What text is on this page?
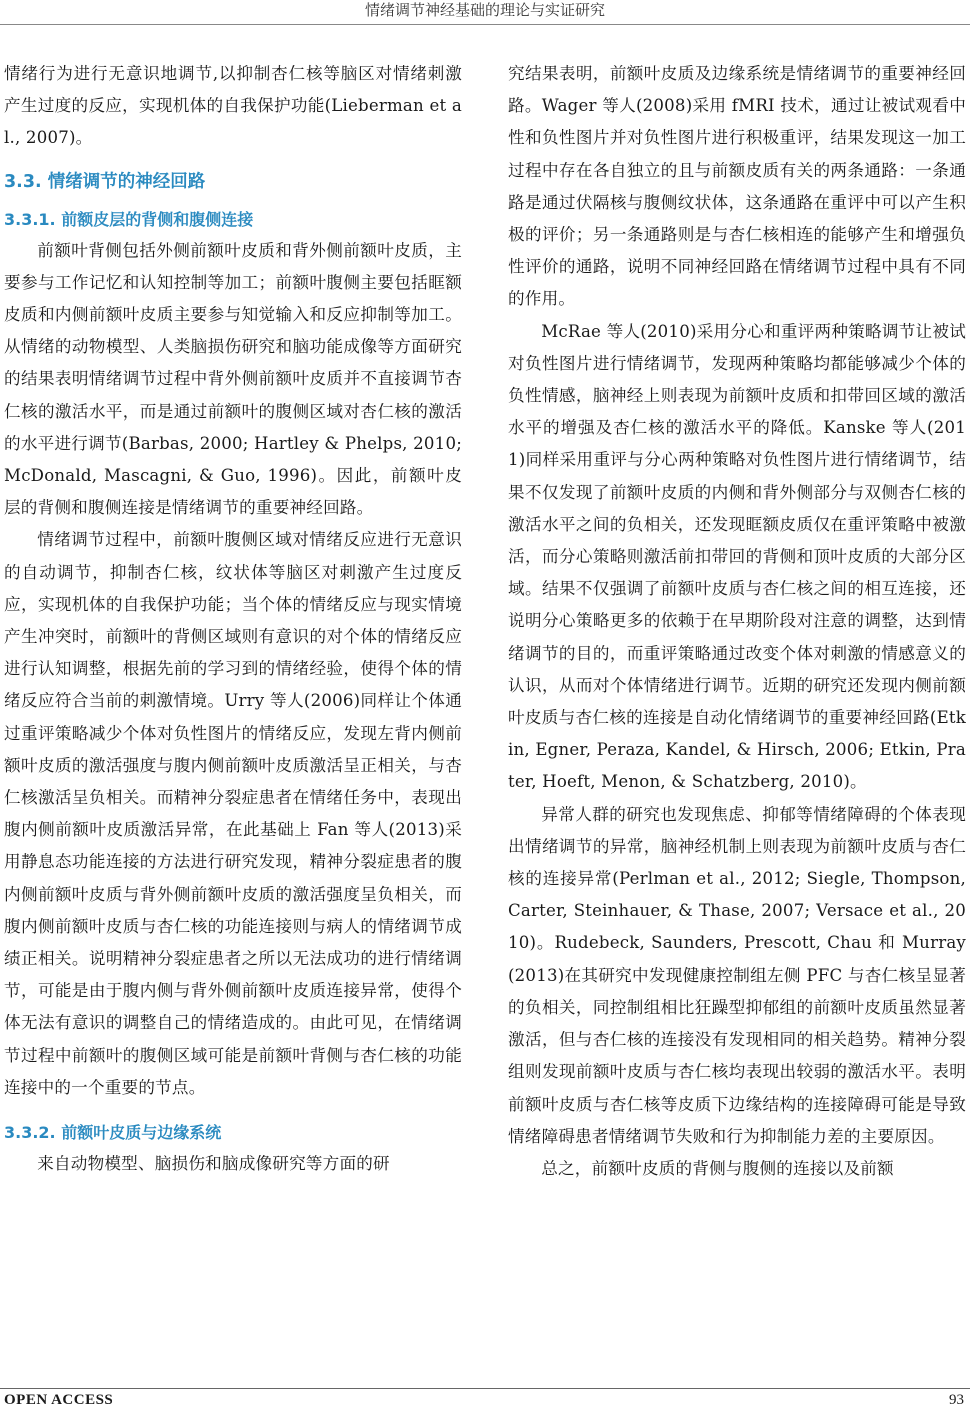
情绪调节神经基础的理论与实证研究

情绪行为进行无意识地调节,以抑制杏仁核等脑区对情绪刺激产生过度的反应，实现机体的自我保护功能(Lieberman et al., 2007)。

3.3. 情绪调节的神经回路

3.3.1. 前额皮层的背侧和腹侧连接

前额叶背侧包括外侧前额叶皮质和背外侧前额叶皮质，主要参与工作记忆和认知控制等加工；前额叶腹侧主要包括眶额皮质和内侧前额叶皮质主要参与知觉输入和反应抑制等加工。从情绪的动物模型、人类脑损伤研究和脑功能成像等方面研究的结果表明情绪调节过程中背外侧前额叶皮质并不直接调节杏仁核的激活水平，而是通过前额叶的腹侧区域对杏仁核的激活的水平进行调节(Barbas, 2000; Hartley & Phelps, 2010; McDonald, Mascagni, & Guo, 1996)。因此，前额叶皮层的背侧和腹侧连接是情绪调节的重要神经回路。

情绪调节过程中，前额叶腹侧区域对情绪反应进行无意识的自动调节，抑制杏仁核，纹状体等脑区对刺激产生过度反应，实现机体的自我保护功能；当个体的情绪反应与现实情境产生冲突时，前额叶的背侧区域则有意识的对个体的情绪反应进行认知调整，根据先前的学习到的情绪经验，使得个体的情绪反应符合当前的刺激情境。Urry 等人(2006)同样让个体通过重评策略减少个体对负性图片的情绪反应，发现左背内侧前额叶皮质的激活强度与腹内侧前额叶皮质激活呈正相关，与杏仁核激活呈负相关。而精神分裂症患者在情绪任务中，表现出腹内侧前额叶皮质激活异常，在此基础上 Fan 等人(2013)采用静息态功能连接的方法进行研究发现，精神分裂症患者的腹内侧前额叶皮质与背外侧前额叶皮质的激活强度呈负相关，而腹内侧前额叶皮质与杏仁核的功能连接则与病人的情绪调节成绩正相关。说明精神分裂症患者之所以无法成功的进行情绪调节，可能是由于腹内侧与背外侧前额叶皮质连接异常，使得个体无法有意识的调整自己的情绪造成的。由此可见，在情绪调节过程中前额叶的腹侧区域可能是前额叶背侧与杏仁核的功能连接中的一个重要的节点。

3.3.2. 前额叶皮质与边缘系统

来自动物模型、脑损伤和脑成像研究等方面的研

究结果表明，前额叶皮质及边缘系统是情绪调节的重要神经回路。Wager 等人(2008)采用 fMRI 技术，通过让被试观看中性和负性图片并对负性图片进行积极重评，结果发现这一加工过程中存在各自独立的且与前额皮质有关的两条通路：一条通路是通过伏隔核与腹侧纹状体，这条通路在重评中可以产生积极的评价；另一条通路则是与杏仁核相连的能够产生和增强负性评价的通路，说明不同神经回路在情绪调节过程中具有不同的作用。

McRae 等人(2010)采用分心和重评两种策略调节让被试对负性图片进行情绪调节，发现两种策略均都能够减少个体的负性情感，脑神经上则表现为前额叶皮质和扣带回区域的激活水平的增强及杏仁核的激活水平的降低。Kanske 等人(2011)同样采用重评与分心两种策略对负性图片进行情绪调节，结果不仅发现了前额叶皮质的内侧和背外侧部分与双侧杏仁核的激活水平之间的负相关，还发现眶额皮质仅在重评策略中被激活，而分心策略则激活前扣带回的背侧和顶叶皮质的大部分区域。结果不仅强调了前额叶皮质与杏仁核之间的相互连接，还说明分心策略更多的依赖于在早期阶段对注意的调整，达到情绪调节的目的，而重评策略通过改变个体对刺激的情感意义的认识，从而对个体情绪进行调节。近期的研究还发现内侧前额叶皮质与杏仁核的连接是自动化情绪调节的重要神经回路(Etkin, Egner, Peraza, Kandel, & Hirsch, 2006; Etkin, Prater, Hoeft, Menon, & Schatzberg, 2010)。

异常人群的研究也发现焦虑、抑郁等情绪障碍的个体表现出情绪调节的异常，脑神经机制上则表现为前额叶皮质与杏仁核的连接异常(Perlman et al., 2012; Siegle, Thompson, Carter, Steinhauer, & Thase, 2007; Versace et al., 2010)。Rudebeck, Saunders, Prescott, Chau 和 Murray (2013)在其研究中发现健康控制组左侧 PFC 与杏仁核呈显著的负相关，同控制组相比狂躁型抑郁组的前额叶皮质虽然显著激活，但与杏仁核的连接没有发现相同的相关趋势。精神分裂组则发现前额叶皮质与杏仁核均表现出较弱的激活水平。表明前额叶皮质与杏仁核等皮质下边缘结构的连接障碍可能是导致情绪障碍患者情绪调节失败和行为抑制能力差的主要原因。

总之，前额叶皮质的背侧与腹侧的连接以及前额

OPEN ACCESS	93
